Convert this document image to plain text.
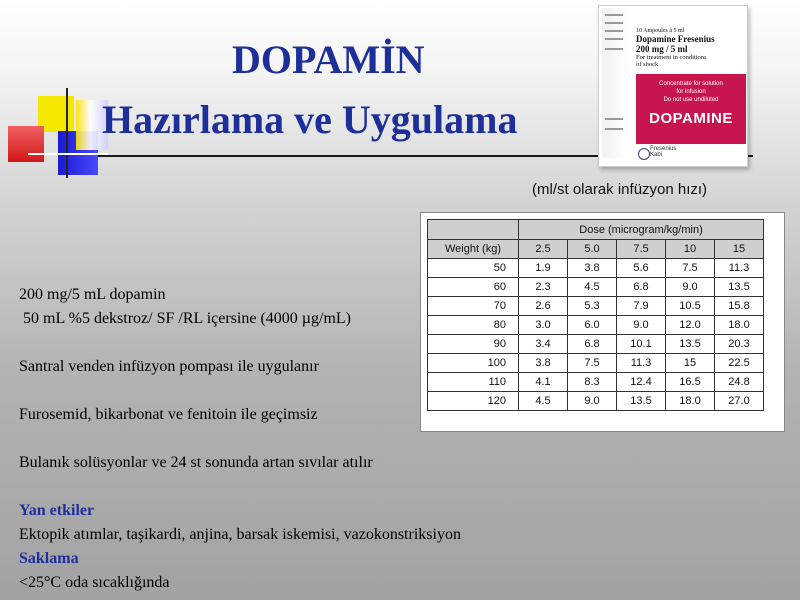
DOPAMİN
Hazırlama ve Uygulama
10 Ampoules à 5 ml
Dopamine Fresenius
200 mg / 5 ml
For treatment in conditions
of shock
Concentrate for solution
for infusion
Do not use undiluted
DOPAMINE
Fresenius
Kabi
(ml/st olarak infüzyon hızı)
	Dose (microgram/kg/min)				
Weight (kg)	2.5	5.0	7.5	10	15
50	1.9	3.8	5.6	7.5	11.3
60	2.3	4.5	6.8	9.0	13.5
70	2.6	5.3	7.9	10.5	15.8
80	3.0	6.0	9.0	12.0	18.0
90	3.4	6.8	10.1	13.5	20.3
100	3.8	7.5	11.3	15	22.5
110	4.1	8.3	12.4	16.5	24.8
120	4.5	9.0	13.5	18.0	27.0
200 mg/5 mL dopamin
50 mL %5 dekstroz/ SF /RL içersine (4000 µg/mL)
Santral venden infüzyon pompası ile uygulanır
Furosemid, bikarbonat ve fenitoin ile geçimsiz
Bulanık solüsyonlar ve 24 st sonunda artan sıvılar atılır
Yan etkiler
Ektopik atımlar, taşikardi, anjina, barsak iskemisi, vazokonstriksiyon
Saklama
<25°C oda sıcaklığında
